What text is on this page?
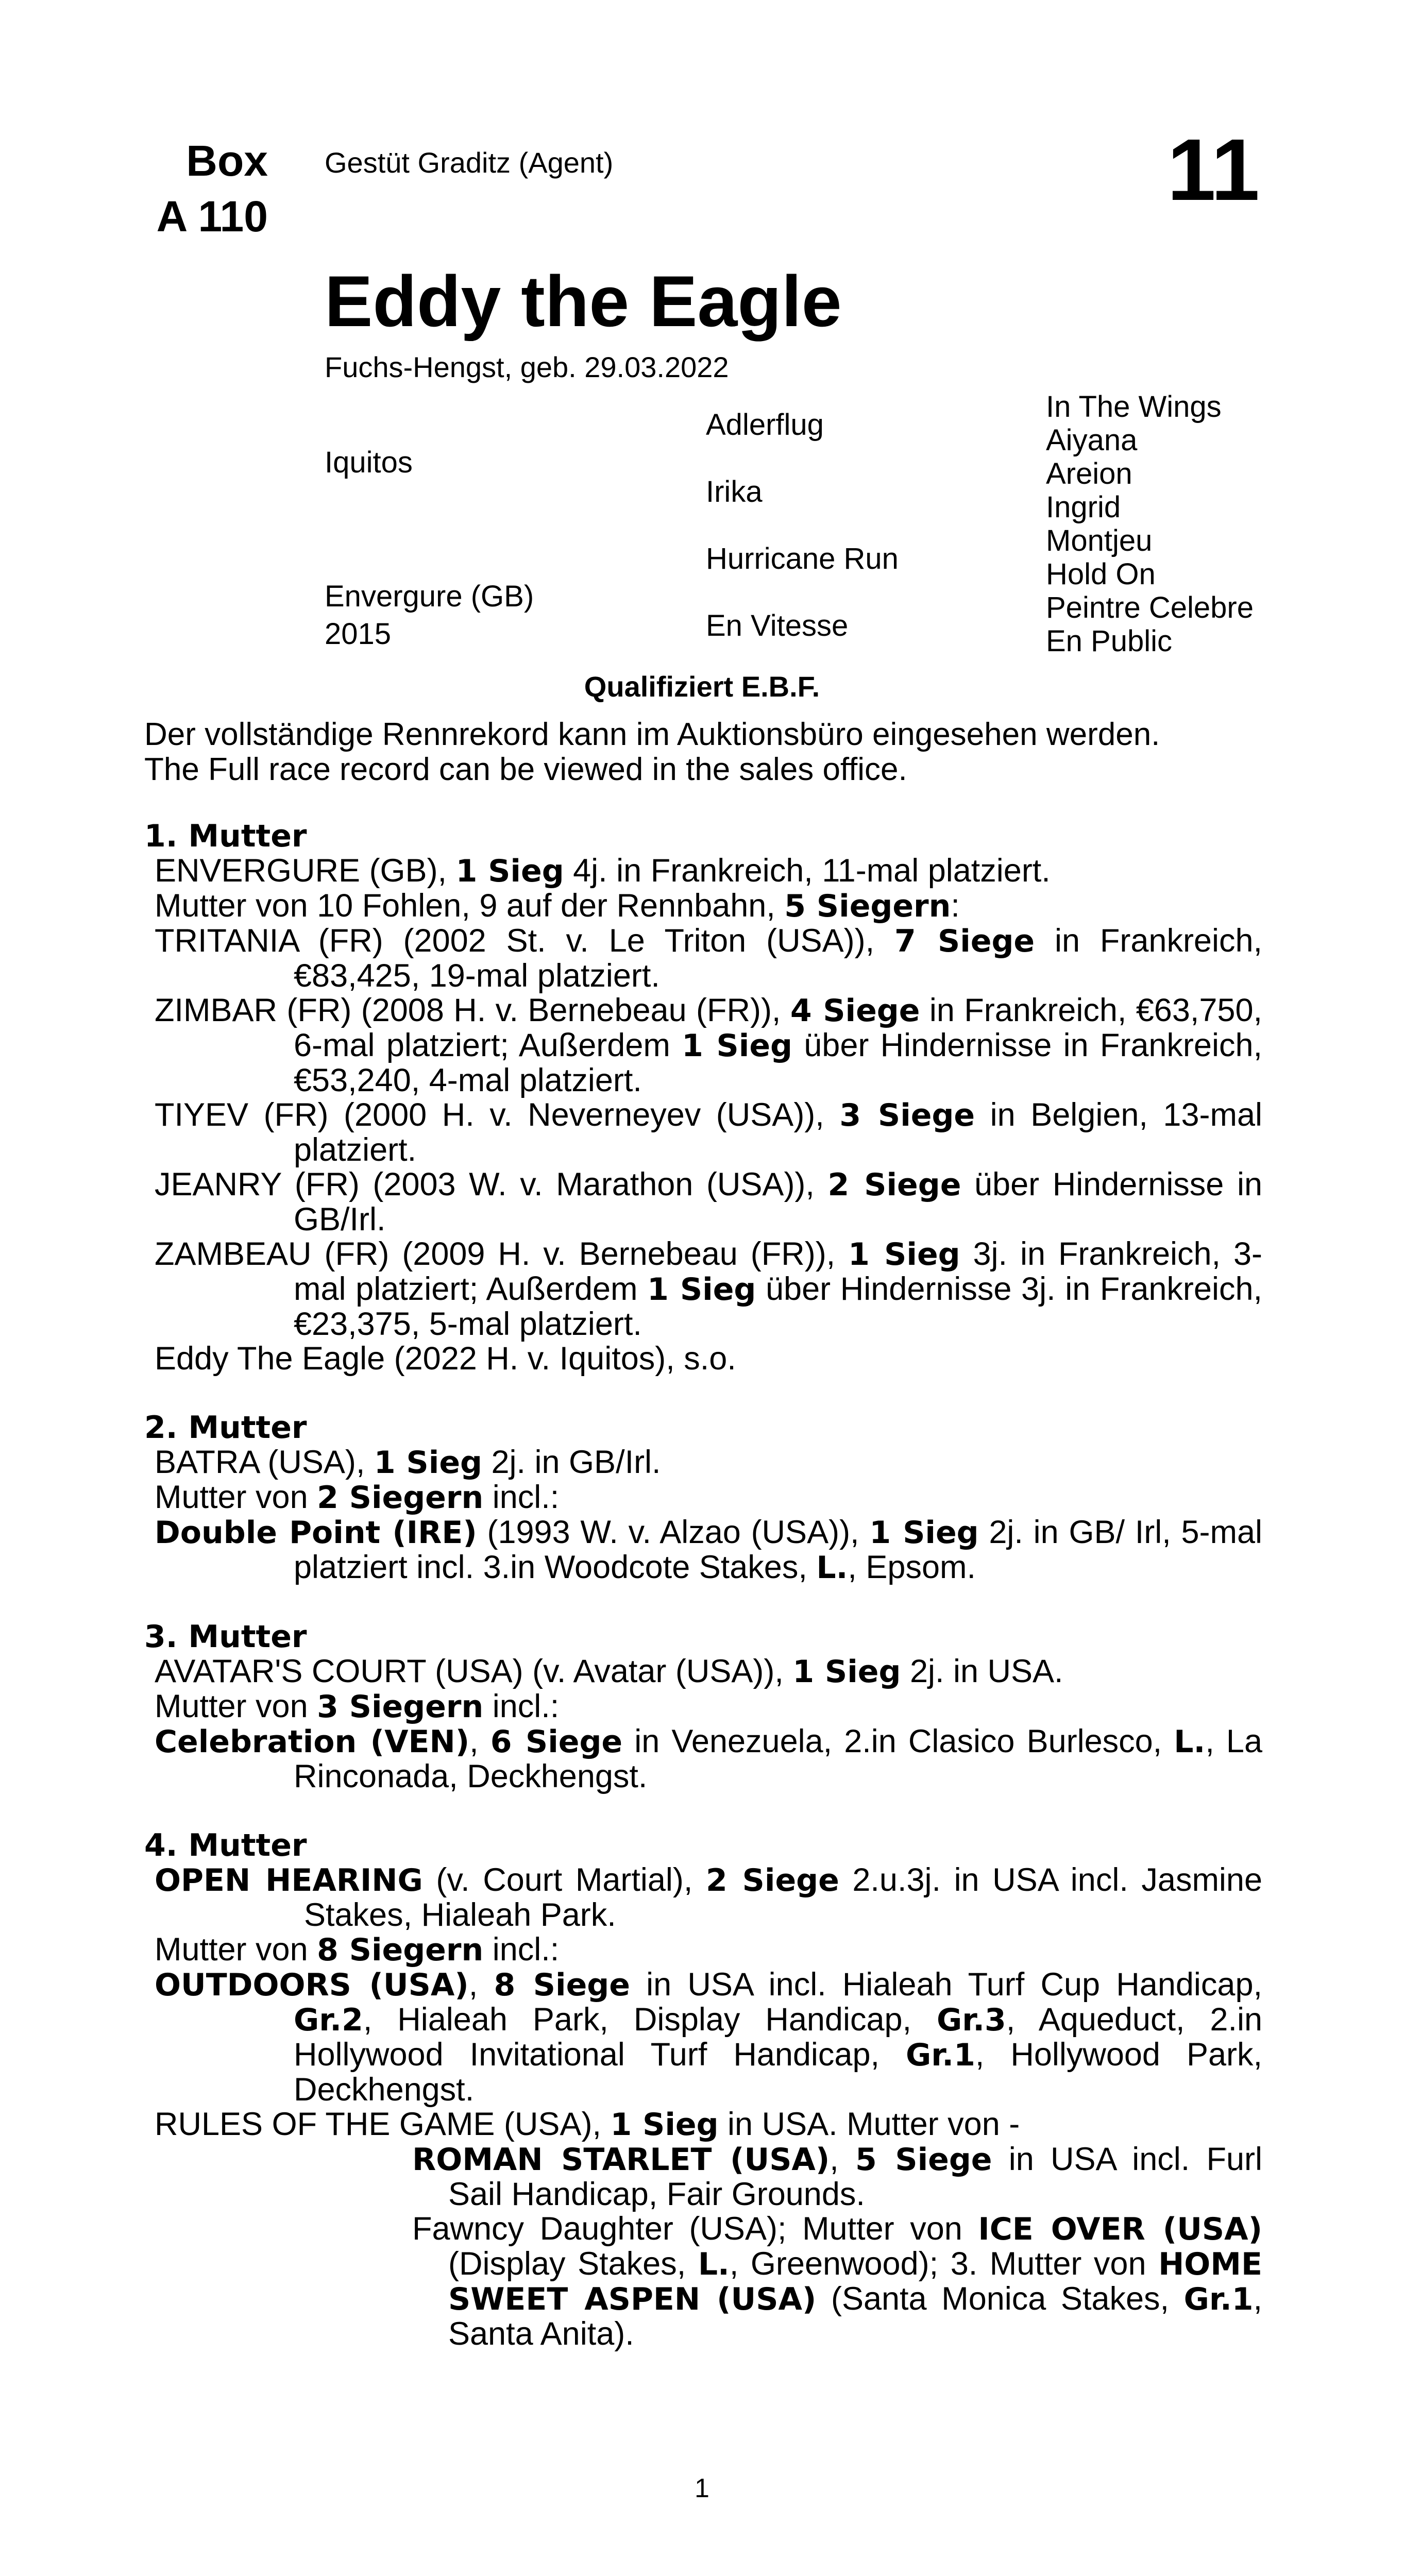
Box
A 110
Gestüt Graditz (Agent)	11
Eddy the Eagle
Fuchs-Hengst, geb. 29.03.2022
Iquitos
Envergure (GB)
2015
Adlerflug
Irika
Hurricane Run
En Vitesse
In The Wings
Aiyana
Areion
Ingrid
Montjeu
Hold On
Peintre Celebre
En Public
Qualifiziert E.B.F.
Der vollständige Rennrekord kann im Auktionsbüro eingesehen werden.
The Full race record can be viewed in the sales office.
1. Mutter
ENVERGURE (GB), 1 Sieg 4j. in Frankreich, 11-mal platziert.
Mutter von 10 Fohlen, 9 auf der Rennbahn, 5 Siegern:
TRITANIA (FR) (2002 St. v. Le Triton (USA)), 7 Siege in Frankreich, €83,425, 19-mal platziert.
ZIMBAR (FR) (2008 H. v. Bernebeau (FR)), 4 Siege in Frankreich, €63,750, 6-mal platziert; Außerdem 1 Sieg über Hindernisse in Frankreich, €53,240, 4-mal platziert.
TIYEV (FR) (2000 H. v. Neverneyev (USA)), 3 Siege in Belgien, 13-mal platziert.
JEANRY (FR) (2003 W. v. Marathon (USA)), 2 Siege über Hindernisse in GB/Irl.
ZAMBEAU (FR) (2009 H. v. Bernebeau (FR)), 1 Sieg 3j. in Frankreich, 3-mal platziert; Außerdem 1 Sieg über Hindernisse 3j. in Frankreich, €23,375, 5-mal platziert.
Eddy The Eagle (2022 H. v. Iquitos), s.o.
2. Mutter
BATRA (USA), 1 Sieg 2j. in GB/Irl.
Mutter von 2 Siegern incl.:
Double Point (IRE) (1993 W. v. Alzao (USA)), 1 Sieg 2j. in GB/ Irl, 5-mal platziert incl. 3.in Woodcote Stakes, L., Epsom.
3. Mutter
AVATAR'S COURT (USA) (v. Avatar (USA)), 1 Sieg 2j. in USA.
Mutter von 3 Siegern incl.:
Celebration (VEN), 6 Siege in Venezuela, 2.in Clasico Burlesco, L., La Rinconada, Deckhengst.
4. Mutter
OPEN HEARING (v. Court Martial), 2 Siege 2.u.3j. in USA incl. Jasmine Stakes, Hialeah Park.
Mutter von 8 Siegern incl.:
OUTDOORS (USA), 8 Siege in USA incl. Hialeah Turf Cup Handicap, Gr.2, Hialeah Park, Display Handicap, Gr.3, Aqueduct, 2.in Hollywood Invitational Turf Handicap, Gr.1, Hollywood Park, Deckhengst.
RULES OF THE GAME (USA), 1 Sieg in USA. Mutter von -
ROMAN STARLET (USA), 5 Siege in USA incl. Furl Sail Handicap, Fair Grounds.
Fawncy Daughter (USA); Mutter von ICE OVER (USA) (Display Stakes, L., Greenwood); 3. Mutter von HOME SWEET ASPEN (USA) (Santa Monica Stakes, Gr.1, Santa Anita).
1
